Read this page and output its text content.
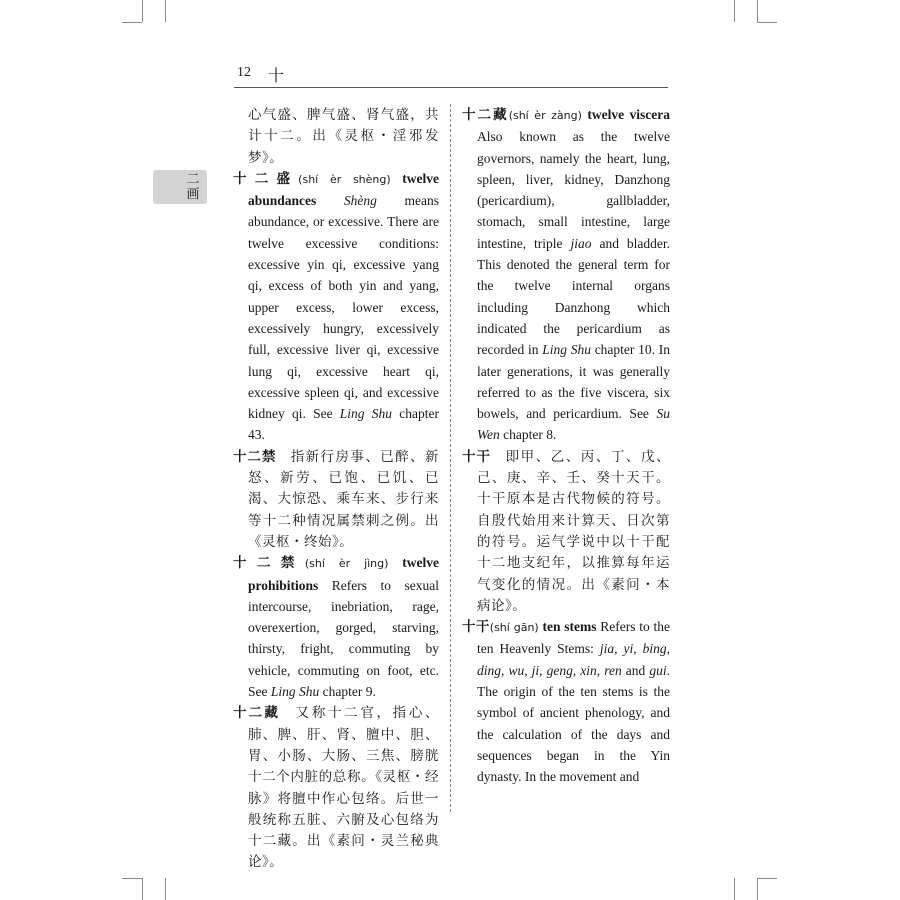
12 十
二画

心气盛、脾气盛、肾气盛，共计十二。出《灵枢・淫邪发梦》。

十二盛(shí èr shèng) twelve abundances Shèng means abundance, or excessive. There are twelve excessive conditions: excessive yin qi, excessive yang qi, excess of both yin and yang, upper excess, lower excess, excessively hungry, excessively full, excessive liver qi, excessive lung qi, excessive heart qi, excessive spleen qi, and excessive kidney qi. See Ling Shu chapter 43.

十二禁  指新行房事、已醉、新怒、新劳、已饱、已饥、已渴、大惊恐、乘车来、步行来等十二种情况属禁刺之例。出《灵枢・终始》。

十二禁(shí èr jìng) twelve prohibitions Refers to sexual intercourse, inebriation, rage, overexertion, gorged, starving, thirsty, fright, commuting by vehicle, commuting on foot, etc. See Ling Shu chapter 9.

十二藏  又称十二官，指心、肺、脾、肝、肾、膻中、胆、胃、小肠、大肠、三焦、膀胱十二个内脏的总称。《灵枢・经脉》将膻中作心包络。后世一般统称五脏、六腑及心包络为十二藏。出《素问・灵兰秘典论》。

十二藏(shí èr zàng) twelve viscera Also known as the twelve governors, namely the heart, lung, spleen, liver, kidney, Danzhong (pericardium), gallbladder, stomach, small intestine, large intestine, triple jiao and bladder. This denoted the general term for the twelve internal organs including Danzhong which indicated the pericardium as recorded in Ling Shu chapter 10. In later generations, it was generally referred to as the five viscera, six bowels, and pericardium. See Su Wen chapter 8.

十干  即甲、乙、丙、丁、戊、己、庚、辛、壬、癸十天干。十干原本是古代物候的符号。自殷代始用来计算天、日次第的符号。运气学说中以十干配十二地支纪年，以推算每年运气变化的情况。出《素问・本病论》。

十干(shí gān) ten stems Refers to the ten Heavenly Stems: jia, yi, bing, ding, wu, ji, geng, xin, ren and gui. The origin of the ten stems is the symbol of ancient phenology, and the calculation of the days and sequences began in the Yin dynasty. In the movement and
